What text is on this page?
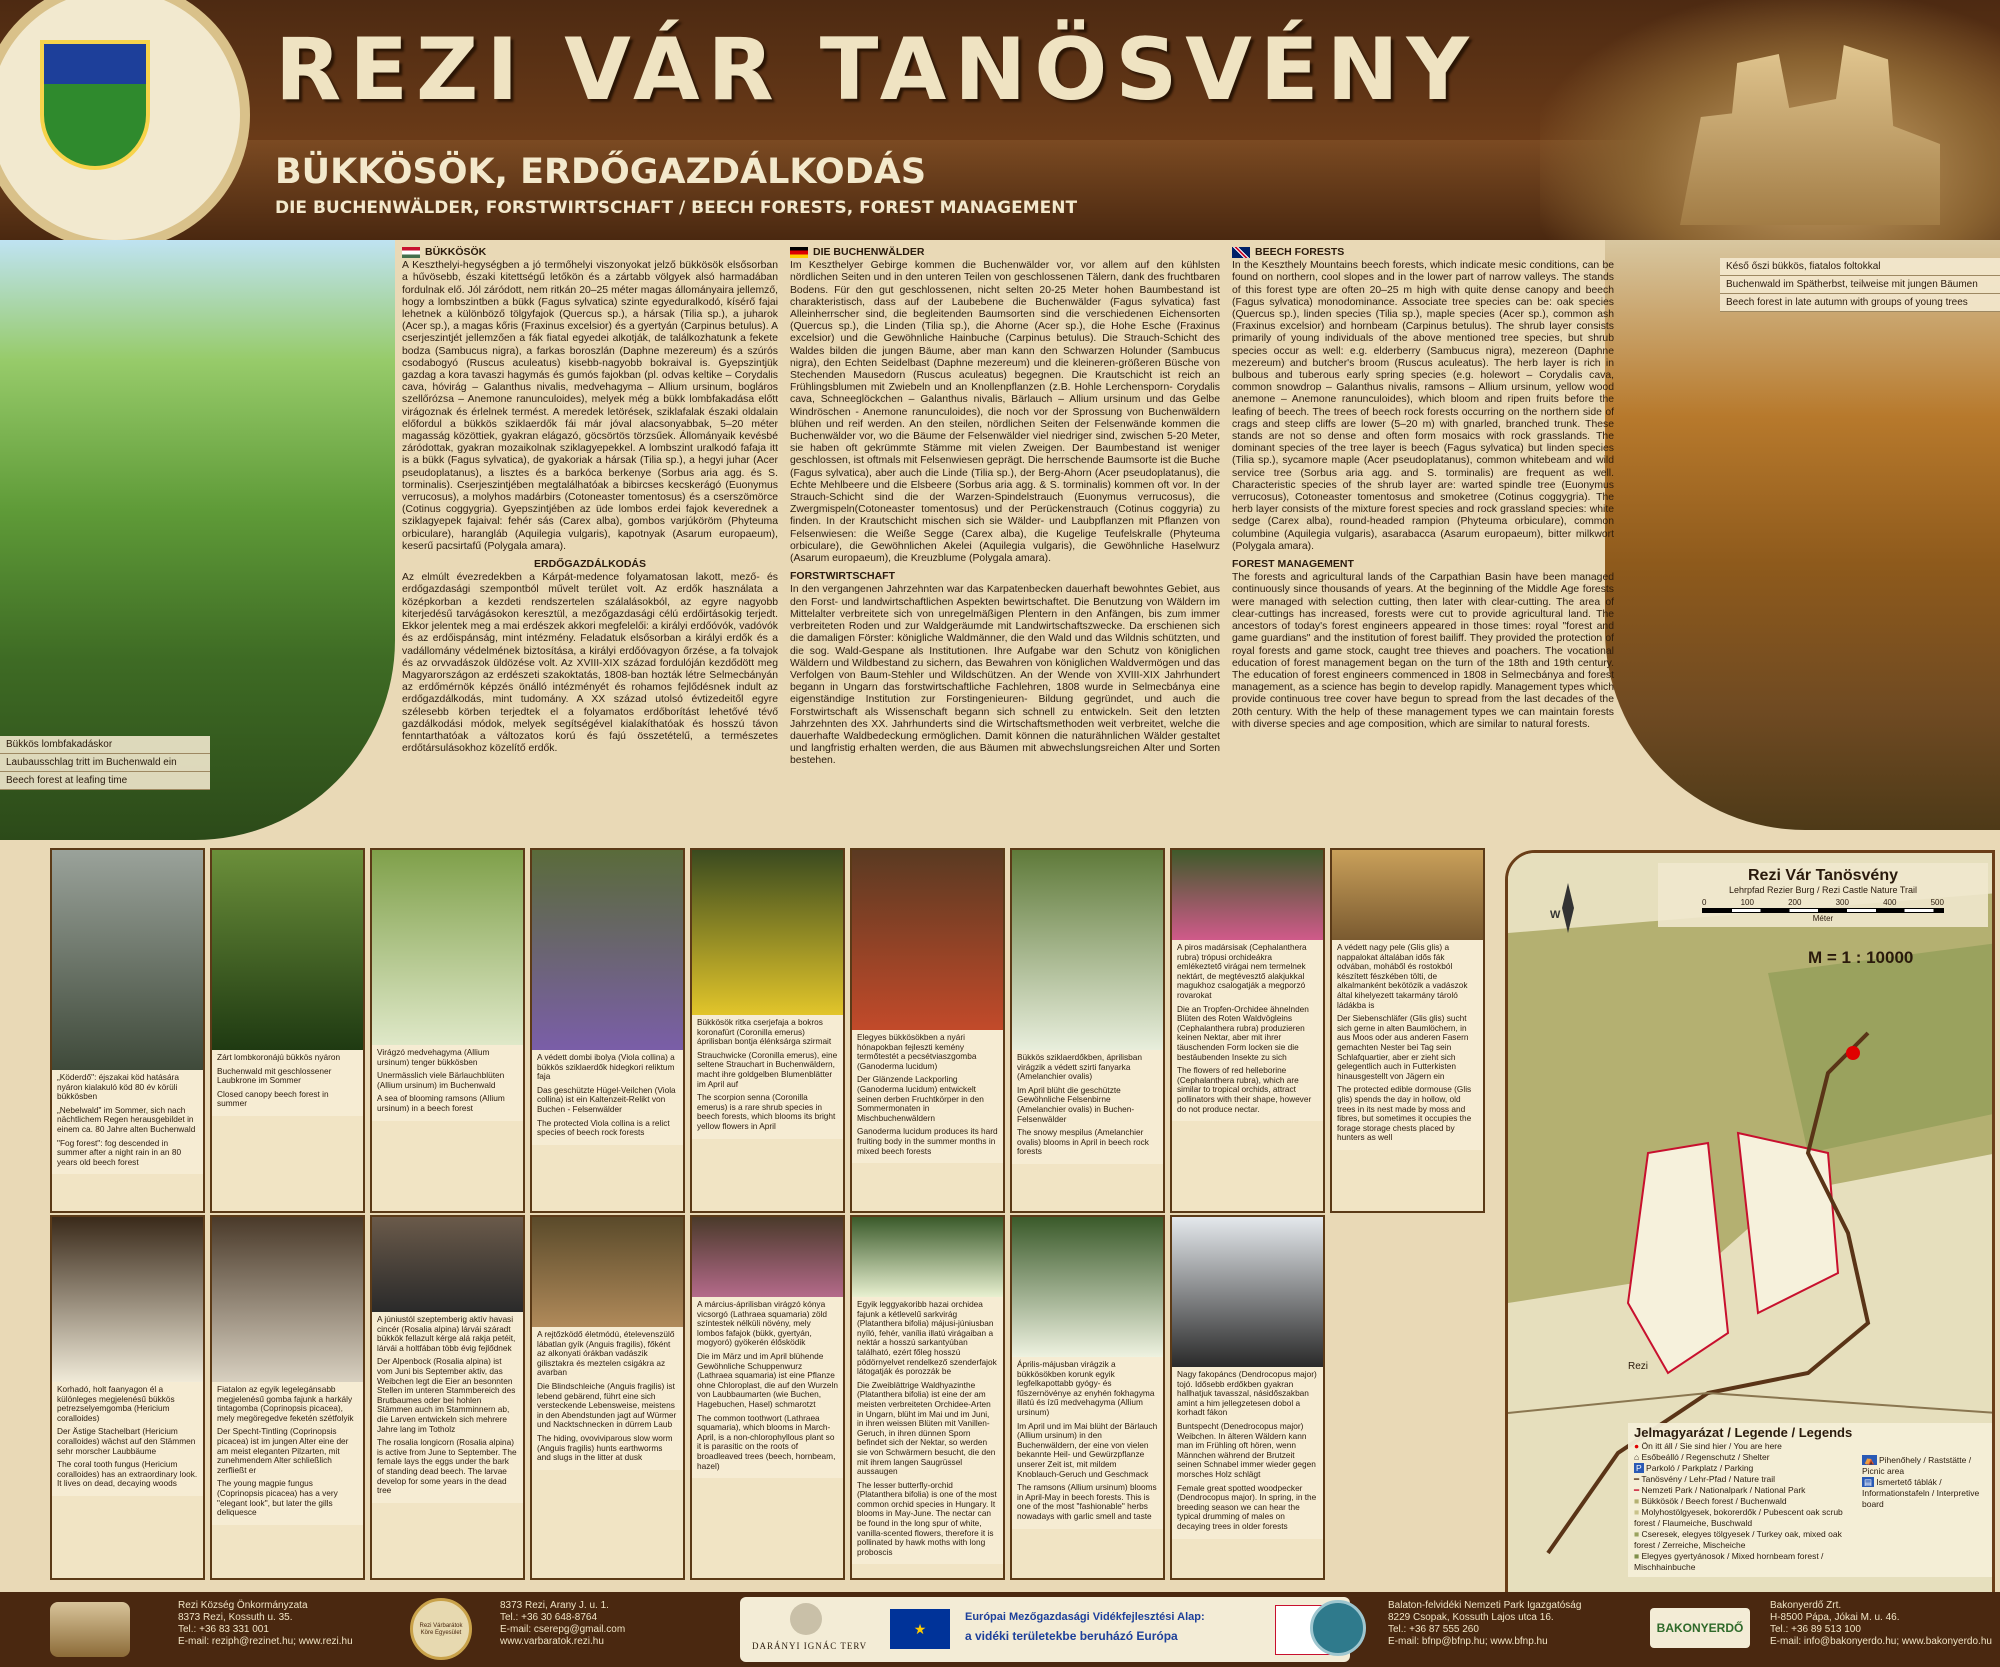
REZI VÁR TANÖSVÉNY
BÜKKÖSÖK, ERDŐGAZDÁLKODÁS
DIE BUCHENWÄLDER, FORSTWIRTSCHAFT / BEECH FORESTS, FOREST MANAGEMENT
Bükkös lombfakadáskor
Laubausschlag tritt im Buchenwald ein
Beech forest at leafing time
Késő őszi bükkös, fiatalos foltokkal
Buchenwald im Spätherbst, teilweise mit jungen Bäumen
Beech forest in late autumn with groups of young trees
BÜKKÖSÖK

A Keszthelyi-hegységben a jó termőhelyi viszonyokat jelző bükkösök elsősorban a hűvösebb, északi kitettségű letőkön és a zártabb völgyek alsó harmadában fordulnak elő. Jól záródott, nem ritkán 20–25 méter magas állományaira jellemző, hogy a lombszintben a bükk (Fagus sylvatica) szinte egyeduralkodó, kísérő fajai lehetnek a különböző tölgyfajok (Quercus sp.), a hársak (Tilia sp.), a juharok (Acer sp.), a magas kőris (Fraxinus excelsior) és a gyertyán (Carpinus betulus). A cserjeszintjét jellemzően a fák fiatal egyedei alkotják, de találkozhatunk a fekete bodza (Sambucus nigra), a farkas boroszlán (Daphne mezereum) és a szúrós csodabogyó (Ruscus aculeatus) kisebb-nagyobb bokraival is. Gyepszintjük gazdag a kora tavaszi hagymás és gumós fajokban (pl. odvas keltike – Corydalis cava, hóvirág – Galanthus nivalis, medvehagyma – Allium ursinum, bogláros szellőrózsa – Anemone ranunculoides), melyek még a bükk lombfakadása előtt virágoznak és érlelnek termést. A meredek letörések, sziklafalak északi oldalain előfordul a bükkös sziklaerdők fái már jóval alacsonyabbak, 5–20 méter magasság közöttiek, gyakran elágazó, göcsörtös törzsűek. Állományaik kevésbé záródottak, gyakran mozaikolnak sziklagyepekkel. A lombszint uralkodó fafaja itt is a bükk (Fagus sylvatica), de gyakoriak a hársak (Tilia sp.), a hegyi juhar (Acer pseudoplatanus), a lisztes és a barkóca berkenye (Sorbus aria agg. és S. torminalis). Cserjeszintjében megtalálhatóak a bibircses kecskerágó (Euonymus verrucosus), a molyhos madárbirs (Cotoneaster tomentosus) és a cserszömörce (Cotinus coggygria). Gyepszintjében az üde lombos erdei fajok keverednek a sziklagyepek fajaival: fehér sás (Carex alba), gombos varjúköröm (Phyteuma orbiculare), harangláb (Aquilegia vulgaris), kapotnyak (Asarum europaeum), keserű pacsirtafű (Polygala amara).

ERDŐGAZDÁLKODÁS

Az elmúlt évezredekben a Kárpát-medence folyamatosan lakott, mező- és erdőgazdasági szempontból művelt terület volt. Az erdők használata a középkorban a kezdeti rendszertelen szálalásokból, az egyre nagyobb kiterjedésű tarvágásokon keresztül, a mezőgazdasági célú erdőirtásokig terjedt. Ekkor jelentek meg a mai erdészek akkori megfelelői: a királyi erdőóvók, vadóvók és az erdőispánság, mint intézmény. Feladatuk elsősorban a királyi erdők és a vadállomány védelmének biztosítása, a királyi erdőóvagyon őrzése, a fa tolvajok és az orvvadászok üldözése volt. Az XVIII-XIX század fordulóján kezdődött meg Magyarországon az erdészeti szakoktatás, 1808-ban hozták létre Selmecbányán az erdőmérnök képzés önálló intézményét és rohamos fejlődésnek indult az erdőgazdálkodás, mint tudomány. A XX század utolsó évtizedeitől egyre szélesebb körben terjedtek el a folyamatos erdőborítást lehetővé tévő gazdálkodási módok, melyek segítségével kialakíthatóak és hosszú távon fenntarthatóak a változatos korú és fajú összetételű, a természetes erdőtársulásokhoz közelítő erdők.

DIE BUCHENWÄLDER

Im Keszthelyer Gebirge kommen die Buchenwälder vor, vor allem auf den kühlsten nördlichen Seiten und in den unteren Teilen von geschlossenen Tälern, dank des fruchtbaren Bodens. Für den gut geschlossenen, nicht selten 20-25 Meter hohen Baumbestand ist charakteristisch, dass auf der Laubebene die Buchenwälder (Fagus sylvatica) fast Alleinherrscher sind, die begleitenden Baumsorten sind die verschiedenen Eichensorten (Quercus sp.), die Linden (Tilia sp.), die Ahorne (Acer sp.), die Hohe Esche (Fraxinus excelsior) und die Gewöhnliche Hainbuche (Carpinus betulus). Die Strauch-Schicht des Waldes bilden die jungen Bäume, aber man kann den Schwarzen Holunder (Sambucus nigra), den Echten Seidelbast (Daphne mezereum) und die kleineren-größeren Büsche von Stechenden Mausedorn (Ruscus aculeatus) begegnen. Die Krautschicht ist reich an Frühlingsblumen mit Zwiebeln und an Knollenpflanzen (z.B. Hohle Lerchensporn- Corydalis cava, Schneeglöckchen – Galanthus nivalis, Bärlauch – Allium ursinum und das Gelbe Windröschen - Anemone ranunculoides), die noch vor der Sprossung von Buchenwäldern blühen und reif werden. An den steilen, nördlichen Seiten der Felsenwände kommen die Buchenwälder vor, wo die Bäume der Felsenwälder viel niedriger sind, zwischen 5-20 Meter, sie haben oft gekrümmte Stämme mit vielen Zweigen. Der Baumbestand ist weniger geschlossen, ist oftmals mit Felsenwiesen geprägt. Die herrschende Baumsorte ist die Buche (Fagus sylvatica), aber auch die Linde (Tilia sp.), der Berg-Ahorn (Acer pseudoplatanus), die Echte Mehlbeere und die Elsbeere (Sorbus aria agg. & S. torminalis) kommen oft vor. In der Strauch-Schicht sind die der Warzen-Spindelstrauch (Euonymus verrucosus), die Zwergmispeln(Cotoneaster tomentosus) und der Perückenstrauch (Cotinus coggyria) zu finden. In der Krautschicht mischen sich sie Wälder- und Laubpflanzen mit Pflanzen von Felsenwiesen: die Weiße Segge (Carex alba), die Kugelige Teufelskralle (Phyteuma orbiculare), die Gewöhnlichen Akelei (Aquilegia vulgaris), die Gewöhnliche Haselwurz (Asarum europaeum), die Kreuzblume (Polygala amara).

FORSTWIRTSCHAFT

In den vergangenen Jahrzehnten war das Karpatenbecken dauerhaft bewohntes Gebiet, aus den Forst- und landwirtschaftlichen Aspekten bewirtschaftet. Die Benutzung von Wäldern im Mittelalter verbreitete sich von unregelmäßigen Plentern in den Anfängen, bis zum immer verbreiteten Roden und zur Waldgeräumde mit Landwirtschaftszwecke. Da erschienen sich die damaligen Förster: königliche Waldmänner, die den Wald und das Wildnis schützten, und die sog. Wald-Gespane als Institutionen. Ihre Aufgabe war den Schutz von königlichen Wäldern und Wildbestand zu sichern, das Bewahren von königlichen Waldvermögen und das Verfolgen von Baum-Stehler und Wildschützen. An der Wende von XVIII-XIX Jahrhundert begann in Ungarn das forstwirtschaftliche Fachlehren, 1808 wurde in Selmecbánya eine eigenständige Institution zur Forstingenieuren- Bildung gegründet, und auch die Forstwirtschaft als Wissenschaft begann sich schnell zu entwickeln. Seit den letzten Jahrzehnten des XX. Jahrhunderts sind die Wirtschaftsmethoden weit verbreitet, welche die dauerhafte Waldbedeckung ermöglichen. Damit können die naturähnlichen Wälder gestaltet und langfristig erhalten werden, die aus Bäumen mit abwechslungsreichen Alter und Sorten bestehen.

BEECH FORESTS

In the Keszthely Mountains beech forests, which indicate mesic conditions, can be found on northern, cool slopes and in the lower part of narrow valleys. The stands of this forest type are often 20–25 m high with quite dense canopy and beech (Fagus sylvatica) monodominance. Associate tree species can be: oak species (Quercus sp.), linden species (Tilia sp.), maple species (Acer sp.), common ash (Fraxinus excelsior) and hornbeam (Carpinus betulus). The shrub layer consists primarily of young individuals of the above mentioned tree species, but shrub species occur as well: e.g. elderberry (Sambucus nigra), mezereon (Daphne mezereum) and butcher's broom (Ruscus aculeatus). The herb layer is rich in bulbous and tuberous early spring species (e.g. holewort – Corydalis cava, common snowdrop – Galanthus nivalis, ramsons – Allium ursinum, yellow wood anemone – Anemone ranunculoides), which bloom and ripen fruits before the leafing of beech. The trees of beech rock forests occurring on the northern side of crags and steep cliffs are lower (5–20 m) with gnarled, branched trunk. These stands are not so dense and often form mosaics with rock grasslands. The dominant species of the tree layer is beech (Fagus sylvatica) but linden species (Tilia sp.), sycamore maple (Acer pseudoplatanus), common whitebeam and wild service tree (Sorbus aria agg. and S. torminalis) are frequent as well. Characteristic species of the shrub layer are: warted spindle tree (Euonymus verrucosus), Cotoneaster tomentosus and smoketree (Cotinus coggygria). The herb layer consists of the mixture forest species and rock grassland species: white sedge (Carex alba), round-headed rampion (Phyteuma orbiculare), common columbine (Aquilegia vulgaris), asarabacca (Asarum europaeum), bitter milkwort (Polygala amara).

FOREST MANAGEMENT

The forests and agricultural lands of the Carpathian Basin have been managed continuously since thousands of years. At the beginning of the Middle Age forests were managed with selection cutting, then later with clear-cutting. The area of clear-cuttings has increased, forests were cut to provide agricultural land. The ancestors of today's forest engineers appeared in those times: royal "forest and game guardians" and the institution of forest bailiff. They provided the protection of royal forests and game stock, caught tree thieves and poachers. The vocational education of forest management began on the turn of the 18th and 19th century. The education of forest engineers commenced in 1808 in Selmecbánya and forest management, as a science has begin to develop rapidly. Management types which provide continuous tree cover have begun to spread from the last decades of the 20th century. With the help of these management types we can maintain forests with diverse species and age composition, which are similar to natural forests.

„Köderdő": éjszakai köd hatására nyáron kialakuló köd 80 év körüli bükkösben

„Nebelwald" im Sommer, sich nach nächtlichem Regen herausgebildet in einem ca. 80 Jahre alten Buchenwald

"Fog forest": fog descended in summer after a night rain in an 80 years old beech forest

Zárt lombkoronájú bükkös nyáron

Buchenwald mit geschlossener Laubkrone im Sommer

Closed canopy beech forest in summer

Virágzó medvehagyma (Allium ursinum) tenger bükkösben

Unermässlich viele Bärlauchblüten (Allium ursinum) im Buchenwald

A sea of blooming ramsons (Allium ursinum) in a beech forest

A védett dombi ibolya (Viola collina) a bükkös sziklaerdők hidegkori reliktum faja

Das geschützte Hügel-Veilchen (Viola collina) ist ein Kaltenzeit-Relikt von Buchen - Felsenwälder

The protected Viola collina is a relict species of beech rock forests

Bükkösök ritka cserjefaja a bokros koronafürt (Coronilla emerus) áprilisban bontja élénksárga szirmait

Strauchwicke (Coronilla emerus), eine seltene Strauchart in Buchenwäldern, macht ihre goldgelben Blumenblätter im April auf

The scorpion senna (Coronilla emerus) is a rare shrub species in beech forests, which blooms its bright yellow flowers in April

Elegyes bükkösökben a nyári hónapokban fejleszti kemény termőtestét a pecsétviaszgomba (Ganoderma lucidum)

Der Glänzende Lackporling (Ganoderma lucidum) entwickelt seinen derben Fruchtkörper in den Sommermonaten in Mischbuchenwäldern

Ganoderma lucidum produces its hard fruiting body in the summer months in mixed beech forests

Bükkös sziklaerdőkben, áprilisban virágzik a védett szirti fanyarka (Amelanchier ovalis)

Im April blüht die geschützte Gewöhnliche Felsenbirne (Amelanchier ovalis) in Buchen-Felsenwälder

The snowy mespilus (Amelanchier ovalis) blooms in April in beech rock forests

A piros madársisak (Cephalanthera rubra) trópusi orchideákra emlékeztető virágai nem termelnek nektárt, de megtévesztő alakjukkal magukhoz csalogatják a megporzó rovarokat

Die an Tropfen-Orchidee ähnelnden Blüten des Roten Waldvögleins (Cephalanthera rubra) produzieren keinen Nektar, aber mit ihrer täuschenden Form locken sie die bestäubenden Insekte zu sich

The flowers of red helleborine (Cephalanthera rubra), which are similar to tropical orchids, attract pollinators with their shape, however do not produce nectar.

A védett nagy pele (Glis glis) a nappalokat általában idős fák odvában, moháből és rostokból készített fészkében tölti, de alkalmanként bekötözik a vadászok által kihelyezett takarmány tároló ládákba is

Der Siebenschläfer (Glis glis) sucht sich gerne in alten Baumlöchern, in aus Moos oder aus anderen Fasern gemachten Nester bei Tag sein Schlafquartier, aber er zieht sich gelegentlich auch in Futterkisten hinausgestellt von Jägern ein

The protected edible dormouse (Glis glis) spends the day in hollow, old trees in its nest made by moss and fibres, but sometimes it occupies the forage storage chests placed by hunters as well

Korhadó, holt faanyagon él a különleges megjelenésű bükkös petrezselyemgomba (Hericium coralloides)

Der Ästige Stachelbart (Hericium coralloides) wächst auf den Stämmen sehr morscher Laubbäume

The coral tooth fungus (Hericium coralloides) has an extraordinary look. It lives on dead, decaying woods

Fiatalon az egyik legelegánsabb megjelenésű gomba fajunk a harkály tintagomba (Coprinopsis picacea), mely megöregedve feketén szétfolyik

Der Specht-Tintling (Coprinopsis picacea) ist im jungen Alter eine der am meist eleganten Pilzarten, mit zunehmendem Alter schließlich zerfließt er

The young magpie fungus (Coprinopsis picacea) has a very "elegant look", but later the gills deliquesce

A júniustól szeptemberig aktív havasi cincér (Rosalia alpina) lárvái száradt bükkök fellazult kérge alá rakja petéit, lárvái a holtfában több évig fejlődnek

Der Alpenbock (Rosalia alpina) ist vom Juni bis September aktiv, das Weibchen legt die Eier an besonnten Stellen im unteren Stammbereich des Brutbaumes oder bei hohlen Stämmen auch im Stamminnern ab, die Larven entwickeln sich mehrere Jahre lang im Totholz

The rosalia longicorn (Rosalia alpina) is active from June to September. The female lays the eggs under the bark of standing dead beech. The larvae develop for some years in the dead tree

A rejtőzködő életmódú, ételevenszülő lábatlan gyík (Anguis fragilis), főként az alkonyati órákban vadászik gilisztakra és meztelen csigákra az avarban

Die Blindschleiche (Anguis fragilis) ist lebend gebärend, führt eine sich versteckende Lebensweise, meistens in den Abendstunden jagt auf Würmer und Nacktschnecken in dürrem Laub

The hiding, ovoviviparous slow worm (Anguis fragilis) hunts earthworms and slugs in the litter at dusk

A március-áprilisban virágzó kónya vicsorgó (Lathraea squamaria) zöld színtestek nélküli növény, mely lombos fafajok (bükk, gyertyán, mogyoró) gyökerén élősködik

Die im März und im April blühende Gewöhnliche Schuppenwurz (Lathraea squamaria) ist eine Pflanze ohne Chloroplast, die auf den Wurzeln von Laubbaumarten (wie Buchen, Hagebuchen, Hasel) schmarotzt

The common toothwort (Lathraea squamaria), which blooms in March-April, is a non-chlorophyllous plant so it is parasitic on the roots of broadleaved trees (beech, hornbeam, hazel)

Egyik leggyakoribb hazai orchidea fajunk a kétlevelű sarkvirág (Platanthera bifolia) májusi-júniusban nyíló, fehér, vanília illatú virágaiban a nektár a hosszú sarkantyúban található, ezért főleg hosszú pödörnyelvet rendelkező szenderfajok látogatják és porozzák be

Die Zweiblättrige Waldhyazinthe (Platanthera bifolia) ist eine der am meisten verbreiteten Orchidee-Arten in Ungarn, blüht im Mai und im Juni, in ihren weissen Blüten mit Vanillen-Geruch, in ihren dünnen Sporn befindet sich der Nektar, so werden sie von Schwärmern besucht, die den mit ihrem langen Saugrüssel aussaugen

The lesser butterfly-orchid (Platanthera bifolia) is one of the most common orchid species in Hungary. It blooms in May-June. The nectar can be found in the long spur of white, vanilla-scented flowers, therefore it is pollinated by hawk moths with long proboscis

Április-májusban virágzik a bükkösökben korunk egyik legfelkapottabb gyógy- és fűszernövénye az enyhén fokhagyma illatú és ízű medvehagyma (Allium ursinum)

Im April und im Mai blüht der Bärlauch (Allium ursinum) in den Buchenwäldern, der eine von vielen bekannte Heil- und Gewürzpflanze unserer Zeit ist, mit mildem Knoblauch-Geruch und Geschmack

The ramsons (Allium ursinum) blooms in April-May in beech forests. This is one of the most "fashionable" herbs nowadays with garlic smell and taste

Nagy fakopáncs (Dendrocopus major) tojó. Idősebb erdőkben gyakran hallhatjuk tavasszal, násidőszakban amint a him jellegzetesen dobol a korhadt fákon

Buntspecht (Denedrocopus major) Weibchen. In älteren Wäldern kann man im Frühling oft hören, wenn Männchen während der Brutzeit seinen Schnabel immer wieder gegen morsches Holz schlägt

Female great spotted woodpecker (Dendrocopus major). In spring, in the breeding season we can hear the typical drumming of males on decaying trees in older forests

W
Rezi Vár Tanösvény
Lehrpfad Rezier Burg / Rezi Castle Nature Trail
0	100	200	300	400	500
Méter
M = 1 : 10000
Rezi
Jelmagyarázat / Legende / Legends
● Ön itt áll / Sie sind hier / You are here
⌂ Esőbeálló / Regenschutz / Shelter
P Parkoló / Parkplatz / Parking
━ Tanösvény / Lehr-Pfad / Nature trail
━ Nemzeti Park / Nationalpark / National Park
■ Bükkösök / Beech forest / Buchenwald
■ Molyhostölgyesek, bokorerdők / Pubescent oak scrub forest / Flaumeiche, Buschwald
■ Cseresek, elegyes tölgyesek / Turkey oak, mixed oak forest / Zerreiche, Mischeiche
■ Elegyes gyertyánosok / Mixed hornbeam forest / Mischhainbuche
⛺ Pihenőhely / Raststätte / Picnic area
▤ Ismertető táblák / Informationstafeln / Interpretive board
Rezi Község Önkormányzata
8373 Rezi, Kossuth u. 35.
Tel.: +36 83 331 001
E-mail: reziph@rezinet.hu; www.rezi.hu
Rezi Várbarátok Köre Egyesület
8373 Rezi, Arany J. u. 1.
Tel.: +36 30 648-8764
E-mail: cserepg@gmail.com
www.varbaratok.rezi.hu	DARÁNYI IGNÁC TERV
★
Európai Mezőgazdasági Vidékfejlesztési Alap:
a vidéki területekbe beruházó Európa
Balaton-felvidéki Nemzeti Park Igazgatóság
8229 Csopak, Kossuth Lajos utca 16.
Tel.: +36 87 555 260
E-mail: bfnp@bfnp.hu; www.bfnp.hu
BAKONYERDŐ
Bakonyerdő Zrt.
H-8500 Pápa, Jókai M. u. 46.
Tel.: +36 89 513 100
E-mail: info@bakonyerdo.hu; www.bakonyerdo.hu
